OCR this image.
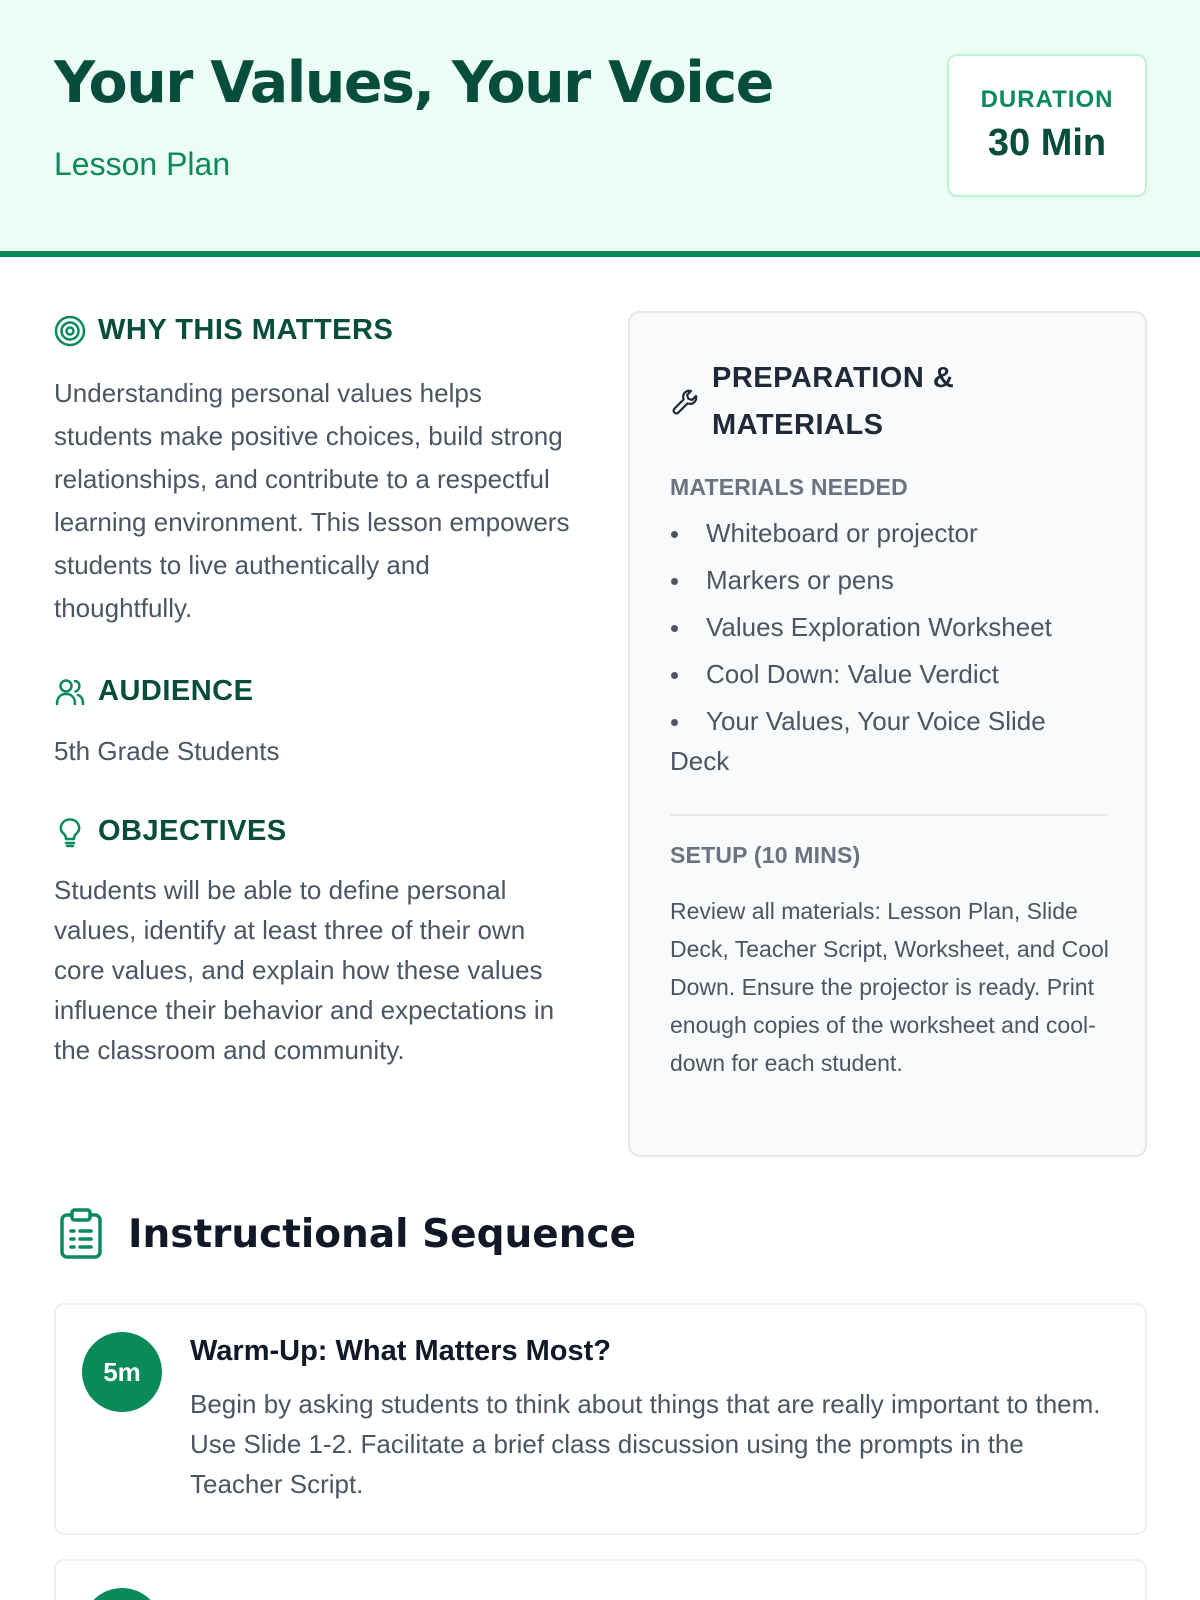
Your Values, Your Voice
Lesson Plan
DURATION
30 Min
WHY THIS MATTERS

Understanding personal values helps students make positive choices, build strong relationships, and contribute to a respectful learning environment. This lesson empowers students to live authentically and thoughtfully.

AUDIENCE

5th Grade Students

OBJECTIVES

Students will be able to define personal values, identify at least three of their own core values, and explain how these values influence their behavior and expectations in the classroom and community.

PREPARATION & MATERIALS
MATERIALS NEEDED
Whiteboard or projector
Markers or pens
Values Exploration Worksheet
Cool Down: Value Verdict
Your Values, Your Voice Slide Deck
SETUP (10 MINS)

Review all materials: Lesson Plan, Slide Deck, Teacher Script, Worksheet, and Cool Down. Ensure the projector is ready. Print enough copies of the worksheet and cool-down for each student.

Instructional Sequence
5m
Warm-Up: What Matters Most?

Begin by asking students to think about things that are really important to them. Use Slide 1-2. Facilitate a brief class discussion using the prompts in the Teacher Script.
